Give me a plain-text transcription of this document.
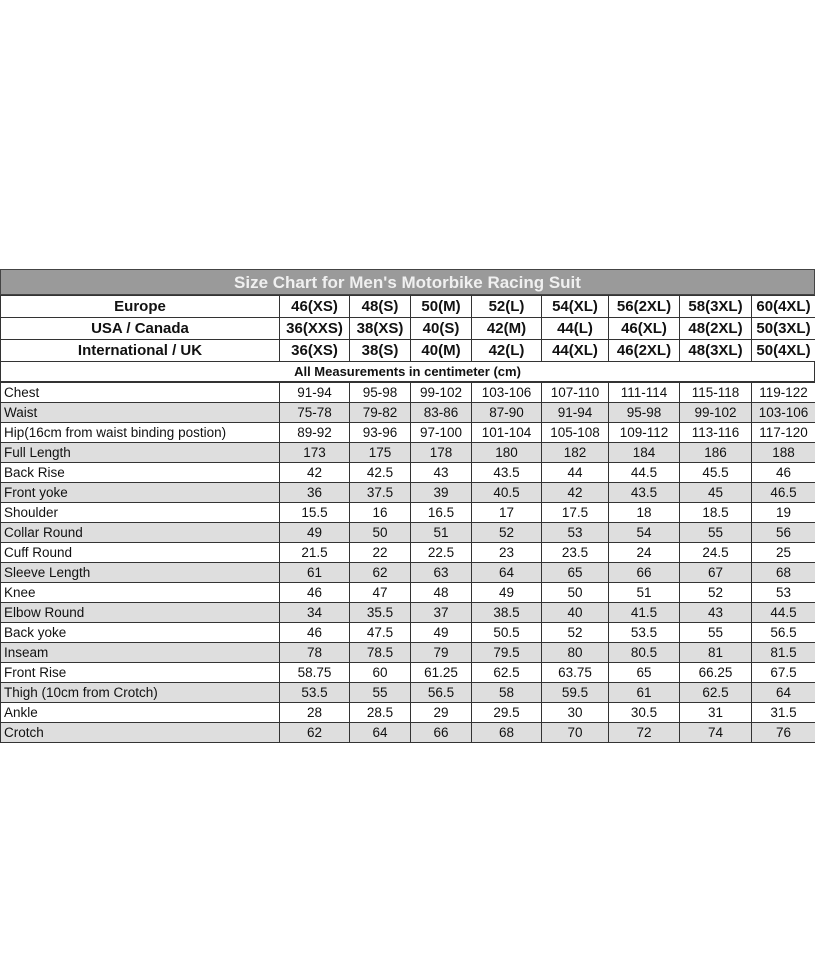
Size Chart for Men's Motorbike Racing Suit
Europe	46(XS)	48(S)	50(M)	52(L)	54(XL)	56(2XL)	58(3XL)	60(4XL)
USA / Canada	36(XXS)	38(XS)	40(S)	42(M)	44(L)	46(XL)	48(2XL)	50(3XL)
International / UK	36(XS)	38(S)	40(M)	42(L)	44(XL)	46(2XL)	48(3XL)	50(4XL)
All Measurements in centimeter (cm)
Chest	91-94	95-98	99-102	103-106	107-110	111-114	115-118	119-122
Waist	75-78	79-82	83-86	87-90	91-94	95-98	99-102	103-106
Hip(16cm from waist binding postion)	89-92	93-96	97-100	101-104	105-108	109-112	113-116	117-120
Full Length	173	175	178	180	182	184	186	188
Back Rise	42	42.5	43	43.5	44	44.5	45.5	46
Front yoke	36	37.5	39	40.5	42	43.5	45	46.5
Shoulder	15.5	16	16.5	17	17.5	18	18.5	19
Collar Round	49	50	51	52	53	54	55	56
Cuff Round	21.5	22	22.5	23	23.5	24	24.5	25
Sleeve Length	61	62	63	64	65	66	67	68
Knee	46	47	48	49	50	51	52	53
Elbow Round	34	35.5	37	38.5	40	41.5	43	44.5
Back yoke	46	47.5	49	50.5	52	53.5	55	56.5
Inseam	78	78.5	79	79.5	80	80.5	81	81.5
Front Rise	58.75	60	61.25	62.5	63.75	65	66.25	67.5
Thigh (10cm from Crotch)	53.5	55	56.5	58	59.5	61	62.5	64
Ankle	28	28.5	29	29.5	30	30.5	31	31.5
Crotch	62	64	66	68	70	72	74	76
